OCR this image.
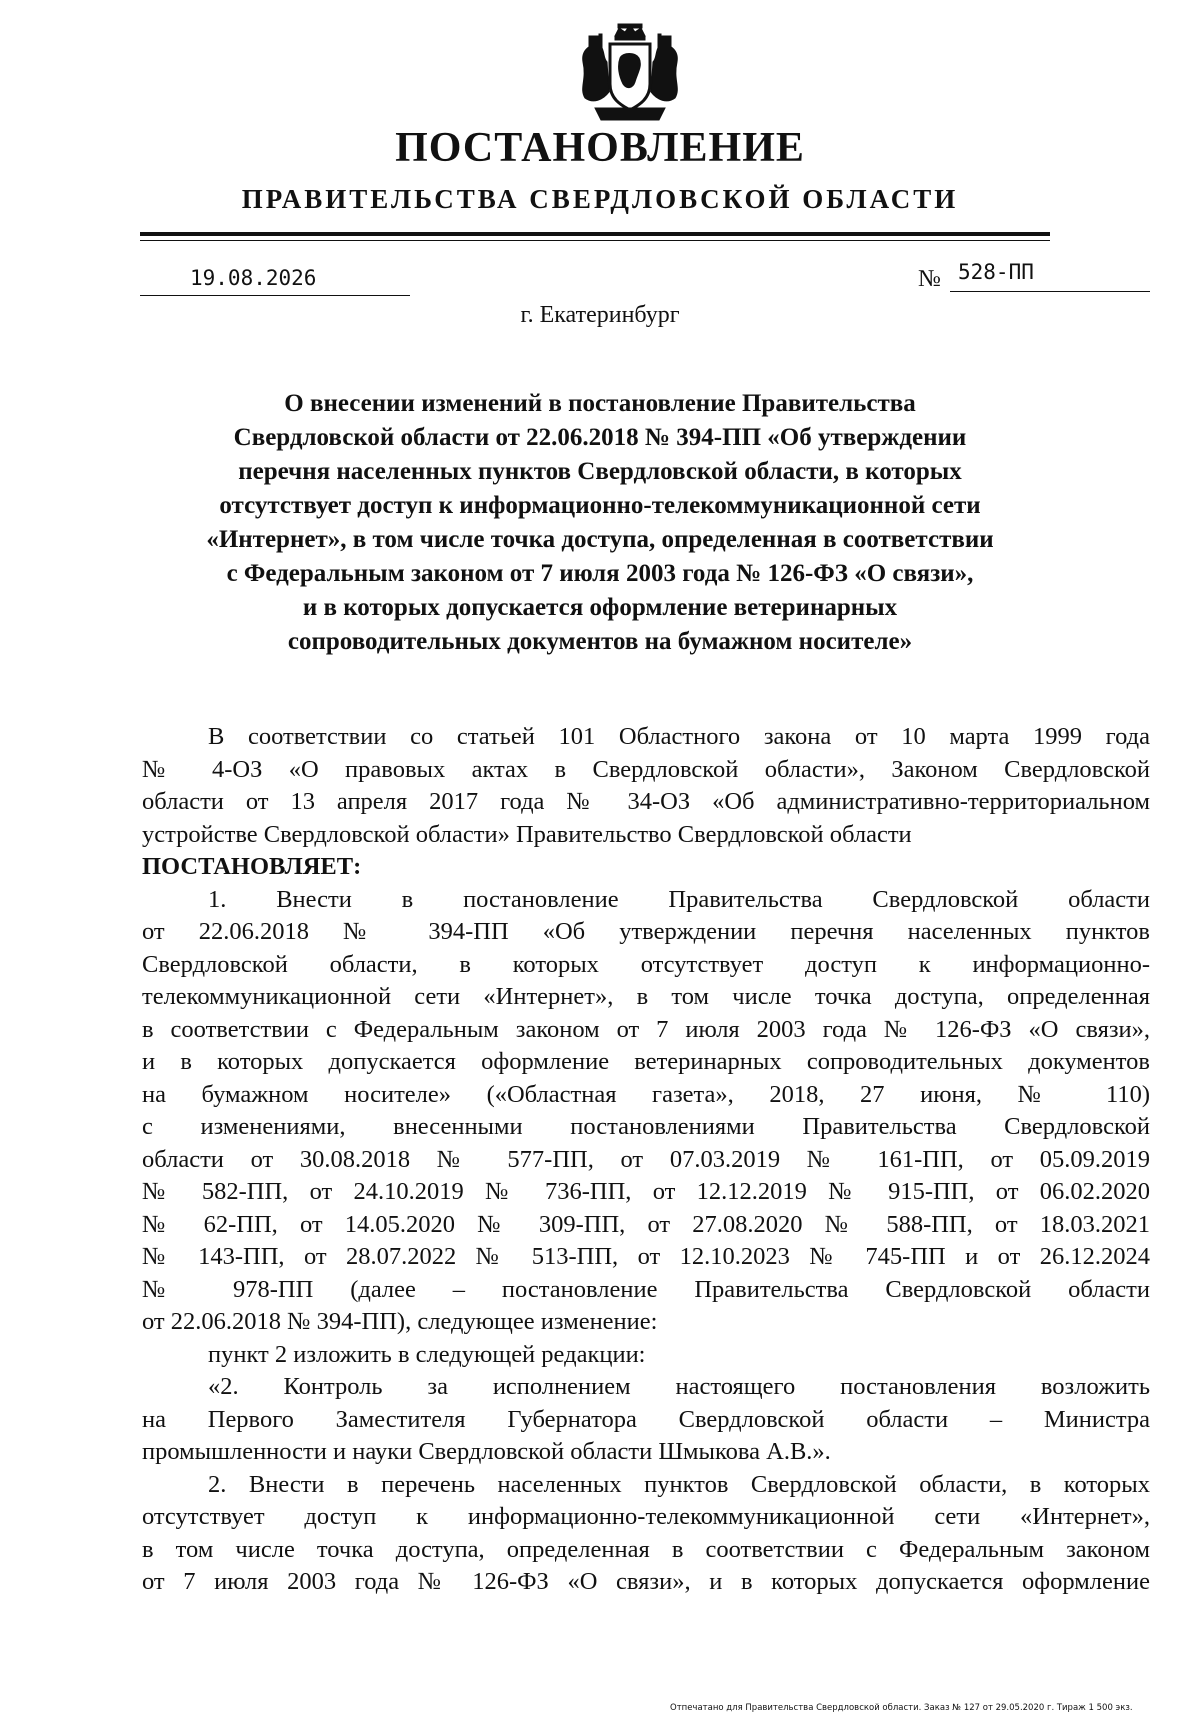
ПОСТАНОВЛЕНИЕ
ПРАВИТЕЛЬСТВА СВЕРДЛОВСКОЙ ОБЛАСТИ
19.08.2026	№ 528-ПП
г. Екатеринбург
О внесении изменений в постановление Правительства
Свердловской области от 22.06.2018 № 394-ПП «Об утверждении
перечня населенных пунктов Свердловской области, в которых
отсутствует доступ к информационно-телекоммуникационной сети
«Интернет», в том числе точка доступа, определенная в соответствии
с Федеральным законом от 7 июля 2003 года № 126-ФЗ «О связи»,
и в которых допускается оформление ветеринарных
сопроводительных документов на бумажном носителе»
В соответствии со статьей 101 Областного закона от 10 марта 1999 года
№ 4-ОЗ «О правовых актах в Свердловской области», Законом Свердловской
области от 13 апреля 2017 года № 34-ОЗ «Об административно-территориальном
устройстве Свердловской области» Правительство Свердловской области
ПОСТАНОВЛЯЕТ:
1. Внести в постановление Правительства Свердловской области
от 22.06.2018 № 394-ПП «Об утверждении перечня населенных пунктов
Свердловской области, в которых отсутствует доступ к информационно-
телекоммуникационной сети «Интернет», в том числе точка доступа, определенная
в соответствии с Федеральным законом от 7 июля 2003 года № 126-ФЗ «О связи»,
и в которых допускается оформление ветеринарных сопроводительных документов
на бумажном носителе» («Областная газета», 2018, 27 июня, № 110)
с изменениями, внесенными постановлениями Правительства Свердловской
области от 30.08.2018 № 577-ПП, от 07.03.2019 № 161-ПП, от 05.09.2019
№ 582-ПП, от 24.10.2019 № 736-ПП, от 12.12.2019 № 915-ПП, от 06.02.2020
№ 62-ПП, от 14.05.2020 № 309-ПП, от 27.08.2020 № 588-ПП, от 18.03.2021
№ 143-ПП, от 28.07.2022 № 513-ПП, от 12.10.2023 № 745-ПП и от 26.12.2024
№ 978-ПП (далее – постановление Правительства Свердловской области
от 22.06.2018 № 394-ПП), следующее изменение:
пункт 2 изложить в следующей редакции:
«2. Контроль за исполнением настоящего постановления возложить
на Первого Заместителя Губернатора Свердловской области – Министра
промышленности и науки Свердловской области Шмыкова А.В.».
2. Внести в перечень населенных пунктов Свердловской области, в которых
отсутствует доступ к информационно-телекоммуникационной сети «Интернет»,
в том числе точка доступа, определенная в соответствии с Федеральным законом
от 7 июля 2003 года № 126-ФЗ «О связи», и в которых допускается оформление
Отпечатано для Правительства Свердловской области. Заказ № 127 от 29.05.2020 г. Тираж 1 500 экз.
